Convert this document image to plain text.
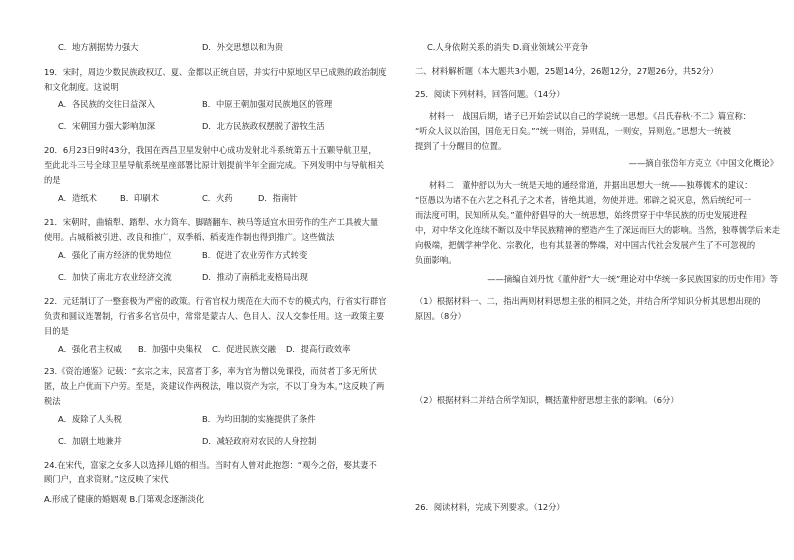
C．地方割据势力强大	D．外交思想以和为贵
19．宋时，周边少数民族政权辽、夏、金都以正统自居，并实行中原地区早已成熟的政治制度
和文化制度。这说明
A．各民族的交往日益深入	B．中原王朝加强对民族地区的管理
C．宋朝国力强大影响加深	D．北方民族政权摆脱了游牧生活
20．6月23日9时43分，我国在西昌卫星发射中心成功发射北斗系统第五十五颗导航卫星，
至此北斗三号全球卫星导航系统星座部署比原计划提前半年全面完成。下列发明中与导航相关
的是
A．造纸术	B．印刷术	C．火药	D．指南针
21．宋朝时，曲辕犁、踏犁、水力筒车、脚踏翻车、秧马等适宜水田劳作的生产工具被大量
使用。占城稻被引进、改良和推广，双季稻、稻麦连作制也得到推广。这些做法
A．强化了南方经济的优势地位	B．促进了农业劳作方式转变
C．加快了南北方农业经济交流	D．推动了南稻北麦格局出现
22．元廷制订了一整套极为严密的政策。行省官权力规范在大而不专的模式内，行省实行群官
负责和圆议连署制，行省多名官员中，常常是蒙古人、色目人、汉人交参任用。这一政策主要
目的是
A．强化君主权威 B．加强中央集权 C．促进民族交融 D．提高行政效率
23.《资治通鉴》记载：“玄宗之末，民富者丁多，率为官为僧以免课役，而贫者丁多无所伏
匿，故上户优而下户劳。至是，炎建议作两税法，唯以资产为宗，不以丁身为本。”这反映了两
税法
A．废除了人头税	B．为均田制的实施提供了条件
C．加剧土地兼并	D．减轻政府对农民的人身控制
24.在宋代，富家之女多人以选择儿婚的相当。当时有人曾对此抱怨：“观今之俗，娶其妻不
顾门户，直求资财。”这反映了宋代
A.形成了健康的婚姻观 B.门第观念逐渐淡化
C.人身依附关系的消失 D.商业领域公平竞争
二、材料解析题（本大题共3小题，25题14分，26题12分，27题26分，共52分）
25．阅读下列材料，回答问题。（14分）
材料一　战国后期，诸子已开始尝试以自己的学说统一思想。《吕氏春秋·不二》篇宣称：
“听众人议以治国，国危无日矣。”“统一则治，异则乱，一则安，异则危。”思想大一统被
提到了十分醒目的位置。
——摘自张岱年方克立《中国文化概论》
材料二　董仲舒以为大一统是天地的通经常道，并据出思想大一统——独尊儒术的建议：
“臣愚以为诸不在六艺之科孔子之术者，皆绝其道，勿使并进。邪辟之说灭息，然后统纪可一
而法度可明，民知所从矣。”董仲舒倡导的大一统思想，始终贯穿于中华民族的历史发展进程
中，对中华文化连续不断以及中华民族精神的塑造产生了深远而巨大的影响。当然，独尊儒学后来走
向极端，把儒学神学化、宗教化，也有其显著的弊端，对中国古代社会发展产生了不可忽视的
负面影响。
——摘编自刘丹忱《董仲舒“大一统”理论对中华统一多民族国家的历史作用》等
（1）根据材料一、二，指出两则材料思想主张的相同之处，并结合所学知识分析其思想出现的
原因。（8分）
（2）根据材料二并结合所学知识，概括董仲舒思想主张的影响。（6分）
26．阅读材料，完成下列要求。（12分）
